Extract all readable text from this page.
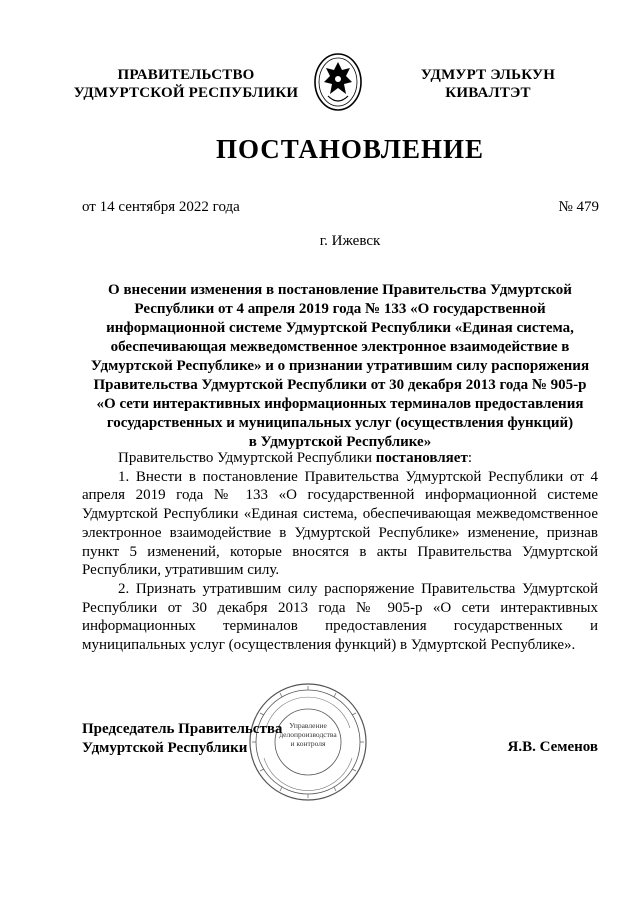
ПРАВИТЕЛЬСТВО
УДМУРТСКОЙ РЕСПУБЛИКИ
УДМУРТ ЭЛЬКУН
КИВАЛТЭТ
ПОСТАНОВЛЕНИЕ
от 14 сентября 2022 года	№ 479
г. Ижевск
О внесении изменения в постановление Правительства Удмуртской
Республики от 4 апреля 2019 года № 133 «О государственной
информационной системе Удмуртской Республики «Единая система,
обеспечивающая межведомственное электронное взаимодействие в
Удмуртской Республике» и о признании утратившим силу распоряжения
Правительства Удмуртской Республики от 30 декабря 2013 года № 905-р
«О сети интерактивных информационных терминалов предоставления
государственных и муниципальных услуг (осуществления функций)
в Удмуртской Республике»

Правительство Удмуртской Республики постановляет:

1. Внести в постановление Правительства Удмуртской Республики от 4 апреля 2019 года № 133 «О государственной информационной системе Удмуртской Республики «Единая система, обеспечивающая межведомственное электронное взаимодействие в Удмуртской Республике» изменение, признав пункт 5 изменений, которые вносятся в акты Правительства Удмуртской Республики, утратившим силу.

2. Признать утратившим силу распоряжение Правительства Удмуртской Республики от 30 декабря 2013 года № 905-р «О сети интерактивных информационных терминалов предоставления государственных и муниципальных услуг (осуществления функций) в Удмуртской Республике».

Управление
делопроизводства
и контроля
Председатель Правительства
Удмуртской Республики	Я.В. Семенов
